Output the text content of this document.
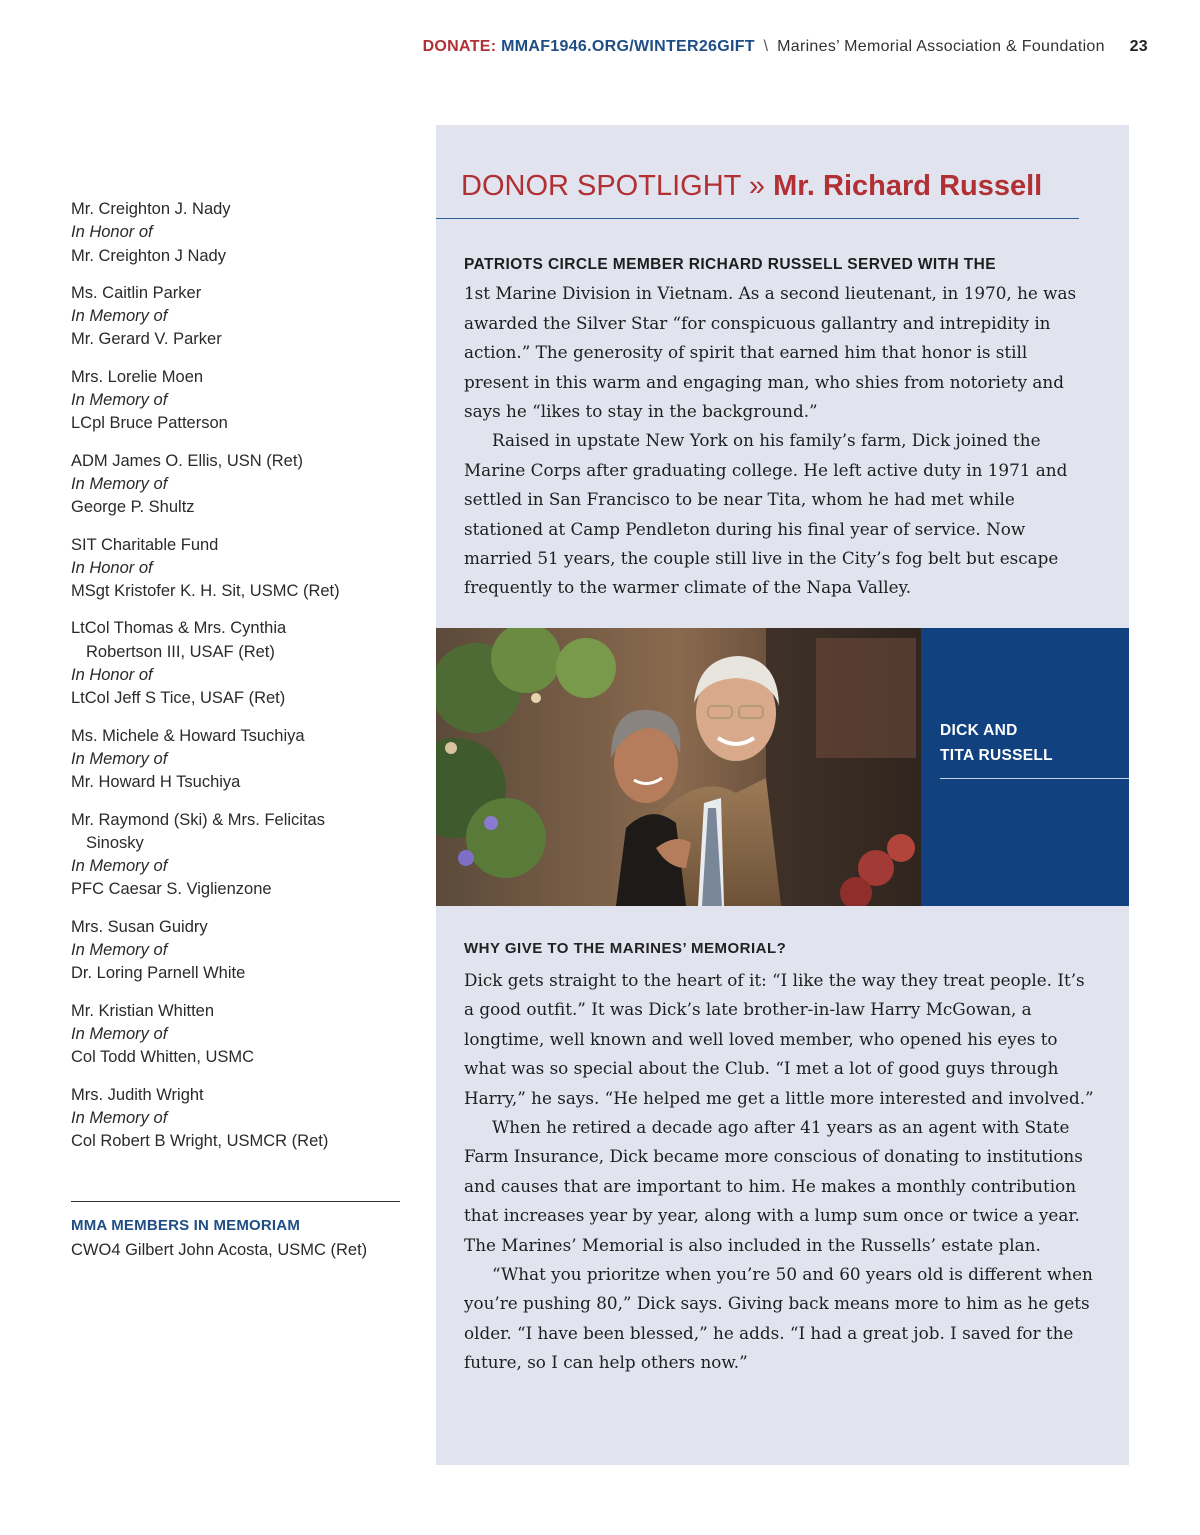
DONATE: MMAF1946.ORG/WINTER26GIFT \ Marines’ Memorial Association & Foundation 23
Mr. Creighton J. Nady
In Honor of
Mr. Creighton J Nady
Ms. Caitlin Parker
In Memory of
Mr. Gerard V. Parker
Mrs. Lorelie Moen
In Memory of
LCpl Bruce Patterson
ADM James O. Ellis, USN (Ret)
In Memory of
George P. Shultz
SIT Charitable Fund
In Honor of
MSgt Kristofer K. H. Sit, USMC (Ret)
LtCol Thomas & Mrs. Cynthia
Robertson III, USAF (Ret)
In Honor of
LtCol Jeff S Tice, USAF (Ret)
Ms. Michele & Howard Tsuchiya
In Memory of
Mr. Howard H Tsuchiya
Mr. Raymond (Ski) & Mrs. Felicitas
Sinosky
In Memory of
PFC Caesar S. Viglienzone
Mrs. Susan Guidry
In Memory of
Dr. Loring Parnell White
Mr. Kristian Whitten
In Memory of
Col Todd Whitten, USMC
Mrs. Judith Wright
In Memory of
Col Robert B Wright, USMCR (Ret)
MMA MEMBERS IN MEMORIAM
CWO4 Gilbert John Acosta, USMC (Ret)
DONOR SPOTLIGHT » Mr. Richard Russell

PATRIOTS CIRCLE MEMBER RICHARD RUSSELL SERVED WITH THE
1st Marine Division in Vietnam. As a second lieutenant, in 1970, he was awarded the Silver Star “for conspicuous gallantry and intrepidity in action.” The generosity of spirit that earned him that honor is still present in this warm and engaging man, who shies from notoriety and says he “likes to stay in the background.”

Raised in upstate New York on his family’s farm, Dick joined the Marine Corps after graduating college. He left active duty in 1971 and settled in San Francisco to be near Tita, whom he had met while stationed at Camp Pendleton during his final year of service. Now married 51 years, the couple still live in the City’s fog belt but escape frequently to the warmer climate of the Napa Valley.

DICK AND
TITA RUSSELL
WHY GIVE TO THE MARINES’ MEMORIAL?

Dick gets straight to the heart of it: “I like the way they treat people. It’s a good outfit.” It was Dick’s late brother-in-law Harry McGowan, a longtime, well known and well loved member, who opened his eyes to what was so special about the Club. “I met a lot of good guys through Harry,” he says. “He helped me get a little more interested and involved.”

When he retired a decade ago after 41 years as an agent with State Farm Insurance, Dick became more conscious of donating to institutions and causes that are important to him. He makes a monthly contribution that increases year by year, along with a lump sum once or twice a year. The Marines’ Memorial is also included in the Russells’ estate plan.

“What you prioritze when you’re 50 and 60 years old is different when you’re pushing 80,” Dick says. Giving back means more to him as he gets older. “I have been blessed,” he adds. “I had a great job. I saved for the future, so I can help others now.”
